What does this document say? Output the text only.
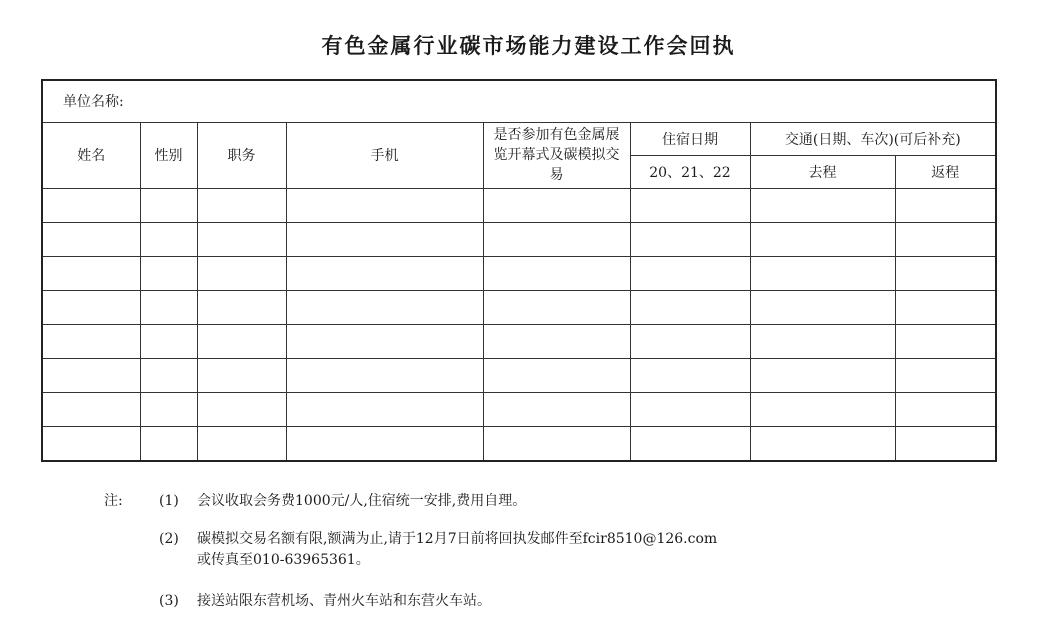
有色金属行业碳市场能力建设工作会回执
单位名称:							
姓名	性别	职务	手机	是否参加有色金属展览开幕式及碳模拟交易	住宿日期	交通(日期、车次)(可后补充)	
					20、21、22	去程	返程

注:	(1) 会议收取会务费1000元/人,住宿统一安排,费用自理。
(2) 碳模拟交易名额有限,额满为止,请于12月7日前将回执发邮件至fcir8510@126.com
或传真至010-63965361。
(3) 接送站限东营机场、青州火车站和东营火车站。
